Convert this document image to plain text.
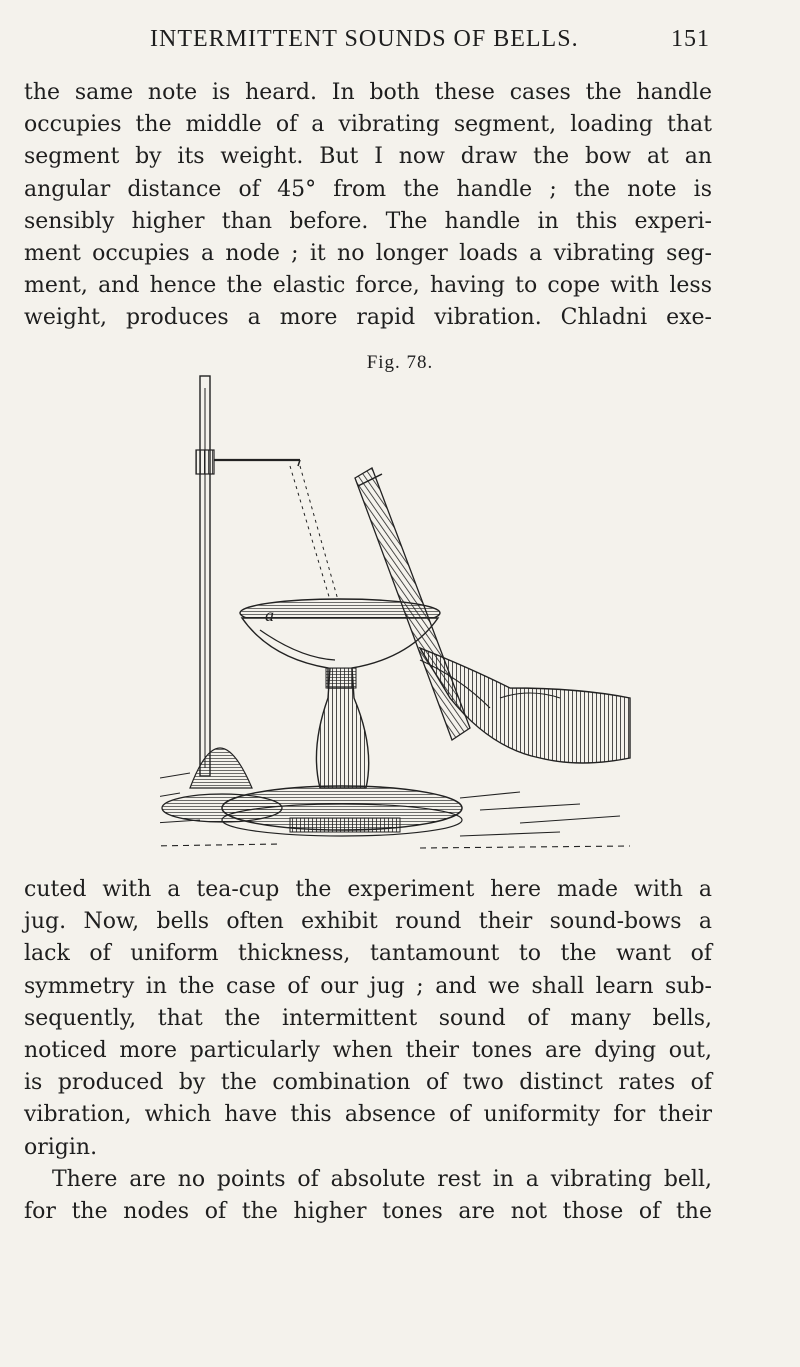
INTERMITTENT SOUNDS OF BELLS.	151
the same note is heard. In both these cases the handle
occupies the middle of a vibrating segment, loading that
segment by its weight. But I now draw the bow at an
angular distance of 45° from the handle ; the note is
sensibly higher than before. The handle in this experi-
ment occupies a node ; it no longer loads a vibrating seg-
ment, and hence the elastic force, having to cope with less
weight, produces a more rapid vibration. Chladni exe-
Fig. 78.
a
cuted with a tea-cup the experiment here made with a
jug. Now, bells often exhibit round their sound-bows a
lack of uniform thickness, tantamount to the want of
symmetry in the case of our jug ; and we shall learn sub-
sequently, that the intermittent sound of many bells,
noticed more particularly when their tones are dying out,
is produced by the combination of two distinct rates of
vibration, which have this absence of uniformity for their
origin.
There are no points of absolute rest in a vibrating bell,
for the nodes of the higher tones are not those of the
